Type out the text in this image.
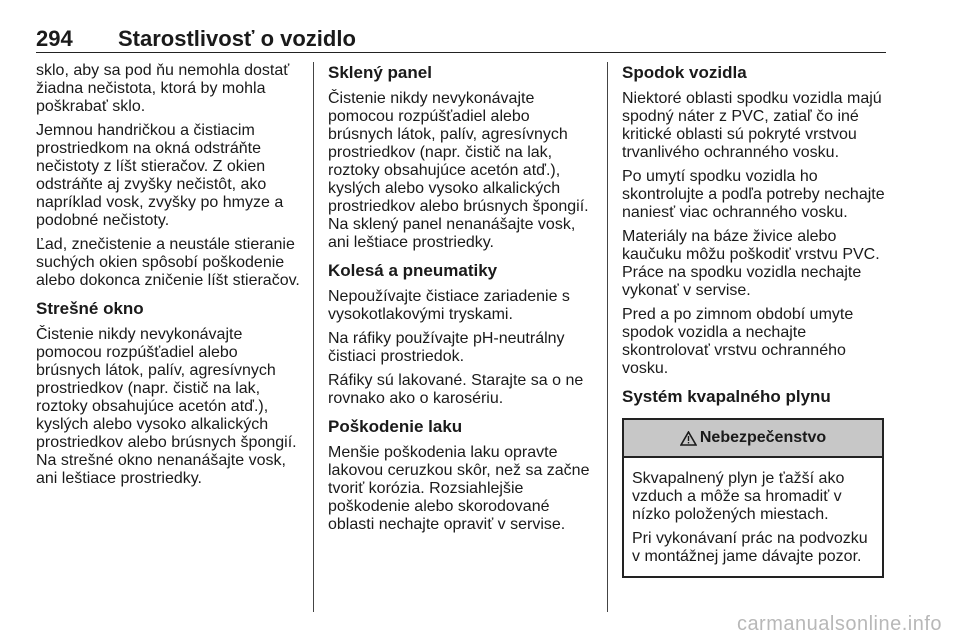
294 Starostlivosť o vozidlo

sklo, aby sa pod ňu nemohla dostať žiadna nečistota, ktorá by mohla poškrabať sklo.

Jemnou handričkou a čistiacim prostriedkom na okná odstráňte nečistoty z líšt stieračov. Z okien odstráňte aj zvyšky nečistôt, ako napríklad vosk, zvyšky po hmyze a podobné nečistoty.

Ľad, znečistenie a neustále stieranie suchých okien spôsobí poškodenie alebo dokonca zničenie líšt stieračov.

Strešné okno

Čistenie nikdy nevykonávajte pomocou rozpúšťadiel alebo brúsnych látok, palív, agresívnych prostriedkov (napr. čistič na lak, roztoky obsahujúce acetón atď.), kyslých alebo vysoko alkalických prostriedkov alebo brúsnych špongií. Na strešné okno nenanášajte vosk, ani leštiace prostriedky.

Sklený panel

Čistenie nikdy nevykonávajte pomocou rozpúšťadiel alebo brúsnych látok, palív, agresívnych prostriedkov (napr. čistič na lak, roztoky obsahujúce acetón atď.), kyslých alebo vysoko alkalických prostriedkov alebo brúsnych špongií. Na sklený panel nenanášajte vosk, ani leštiace prostriedky.

Kolesá a pneumatiky

Nepoužívajte čistiace zariadenie s vysokotlakovými tryskami.

Na ráfiky používajte pH-neutrálny čistiaci prostriedok.

Ráfiky sú lakované. Starajte sa o ne rovnako ako o karosériu.

Poškodenie laku

Menšie poškodenia laku opravte lakovou ceruzkou skôr, než sa začne tvoriť korózia. Rozsiahlejšie poškodenie alebo skorodované oblasti nechajte opraviť v servise.

Spodok vozidla

Niektoré oblasti spodku vozidla majú spodný náter z PVC, zatiaľ čo iné kritické oblasti sú pokryté vrstvou trvanlivého ochranného vosku.

Po umytí spodku vozidla ho skontrolujte a podľa potreby nechajte naniesť viac ochranného vosku.

Materiály na báze živice alebo kaučuku môžu poškodiť vrstvu PVC. Práce na spodku vozidla nechajte vykonať v servise.

Pred a po zimnom období umyte spodok vozidla a nechajte skontrolovať vrstvu ochranného vosku.

Systém kvapalného plynu
Nebezpečenstvo

Skvapalnený plyn je ťažší ako vzduch a môže sa hromadiť v nízko položených miestach.

Pri vykonávaní prác na podvozku v montážnej jame dávajte pozor.

carmanualsonline.info
